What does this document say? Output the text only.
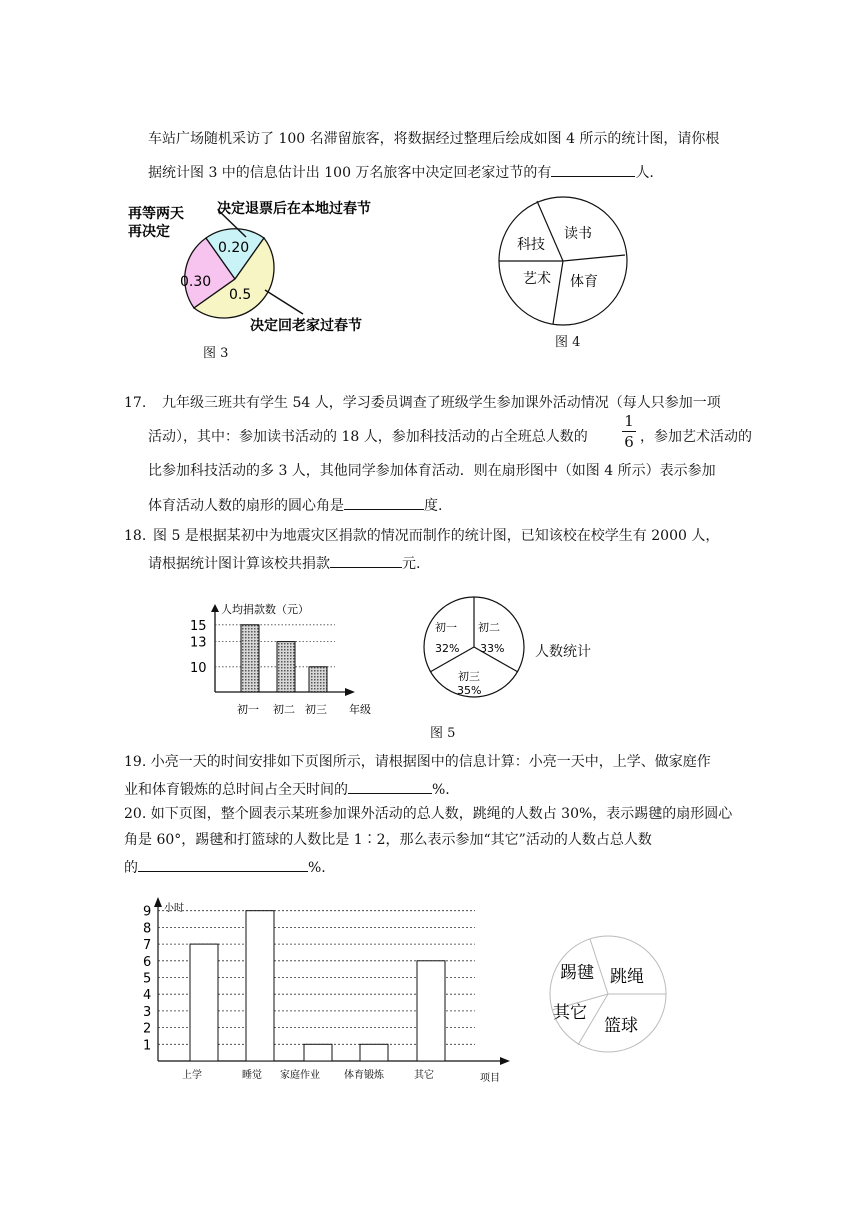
车站广场随机采访了 100 名滞留旅客，将数据经过整理后绘成如图 4 所示的统计图，请你根
据统计图 3 中的信息估计出 100 万名旅客中决定回老家过节的有	人.
0.30
0.20
0.5
再等两天
再决定
决定退票后在本地过春节
决定回老家过春节
图 3
读书
科技
艺术 体育
图 4
17. 九年级三班共有学生 54 人，学习委员调查了班级学生参加课外活动情况（每人只参加一项
活动），其中：参加读书活动的 18 人，参加科技活动的占全班总人数的
1
6 ，参加艺术活动的
比参加科技活动的多 3 人，其他同学参加体育活动．则在扇形图中（如图 4 所示）表示参加
体育活动人数的扇形的圆心角是	度.
18. 图 5 是根据某初中为地震灾区捐款的情况而制作的统计图，已知该校在校学生有 2000 人，
请根据统计图计算该校共捐款	元.
人均捐款数（元）
年级
10
13
15
初一 初二 初三
初一
32%
初二
33%
初三
35%
人数统计
图 5
19. 小亮一天的时间安排如下页图所示，请根据图中的信息计算：小亮一天中，上学、做家庭作
业和体育锻炼的总时间占全天时间的	%.
20. 如下页图，整个圆表示某班参加课外活动的总人数，跳绳的人数占 30%，表示踢毽的扇形圆心
角是 60°，踢毽和打篮球的人数比是 1∶2，那么表示参加“其它”活动的人数占总人数
的	%.
小时
项目
1
2
3
4
5
6
7
8
9
上学	睡觉 家庭作业 体育锻炼	其它
踢毽 跳绳
其它
篮球
